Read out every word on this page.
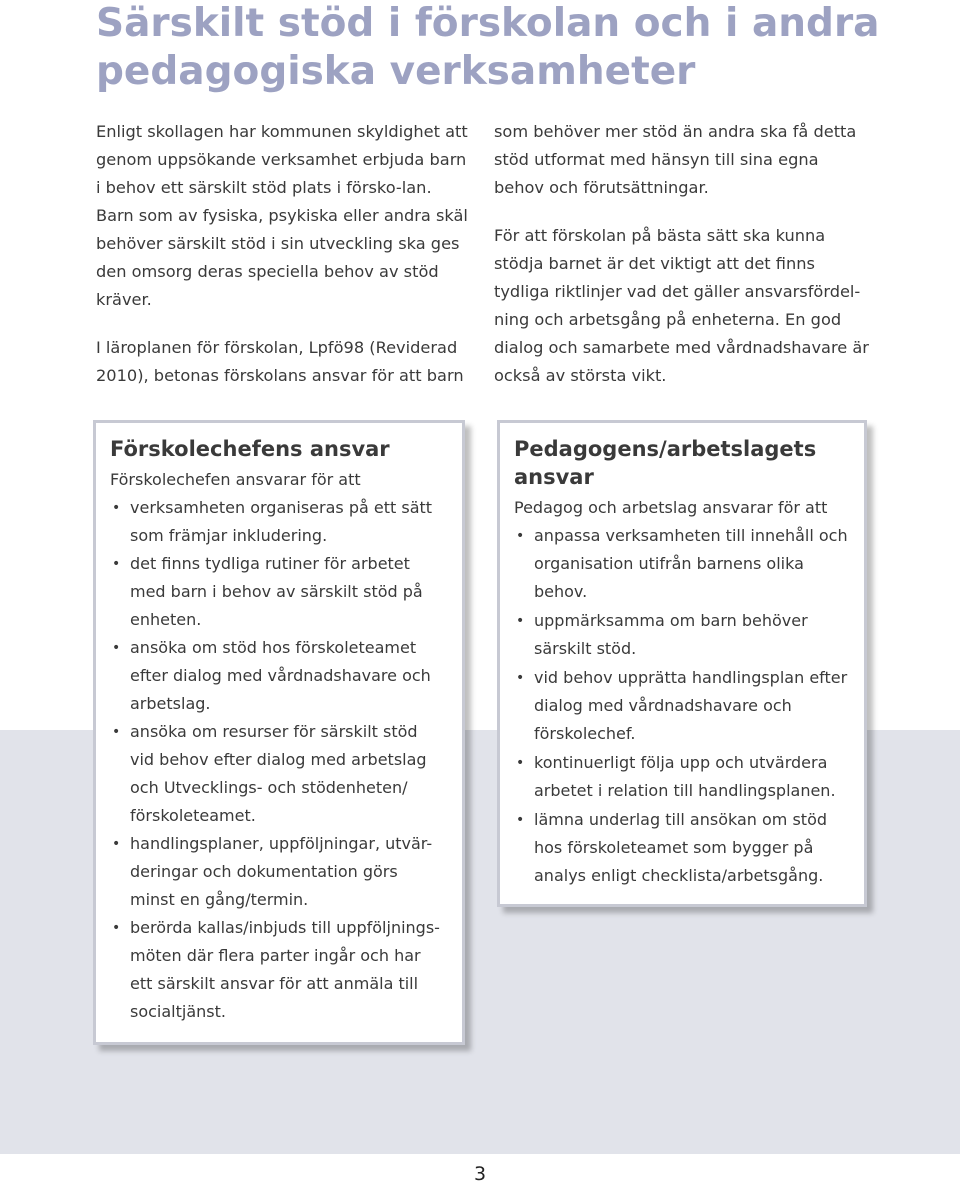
Särskilt stöd i förskolan och i andra pedagogiska verksamheter

Enligt skollagen har kommunen skyldighet att genom uppsökande verksamhet erbjuda barn i behov ett särskilt stöd plats i försko-lan. Barn som av fysiska, psykiska eller andra skäl behöver särskilt stöd i sin utveckling ska ges den omsorg deras speciella behov av stöd kräver.

I läroplanen för förskolan, Lpfö98 (Reviderad 2010), betonas förskolans ansvar för att barn

som behöver mer stöd än andra ska få detta stöd utformat med hänsyn till sina egna behov och förutsättningar.

För att förskolan på bästa sätt ska kunna stödja barnet är det viktigt att det finns tydliga riktlinjer vad det gäller ansvarsfördel-ning och arbetsgång på enheterna. En god dialog och samarbete med vårdnadshavare är också av största vikt.

Förskolechefens ansvar

Förskolechefen ansvarar för att

• verksamheten organiseras på ett sätt som främjar inkludering.
• det finns tydliga rutiner för arbetet med barn i behov av särskilt stöd på enheten.
• ansöka om stöd hos förskoleteamet efter dialog med vårdnadshavare och arbetslag.
• ansöka om resurser för särskilt stöd vid behov efter dialog med arbetslag och Utvecklings- och stödenheten/ förskoleteamet.
• handlingsplaner, uppföljningar, utvär-deringar och dokumentation görs minst en gång/termin.
• berörda kallas/inbjuds till uppföljnings-möten där flera parter ingår och har ett särskilt ansvar för att anmäla till socialtjänst.
Pedagogens/arbetslagets ansvar

Pedagog och arbetslag ansvarar för att

• anpassa verksamheten till innehåll och organisation utifrån barnens olika behov.
• uppmärksamma om barn behöver särskilt stöd.
• vid behov upprätta handlingsplan efter dialog med vårdnadshavare och förskolechef.
• kontinuerligt följa upp och utvärdera arbetet i relation till handlingsplanen.
• lämna underlag till ansökan om stöd hos förskoleteamet som bygger på analys enligt checklista/arbetsgång.
3
